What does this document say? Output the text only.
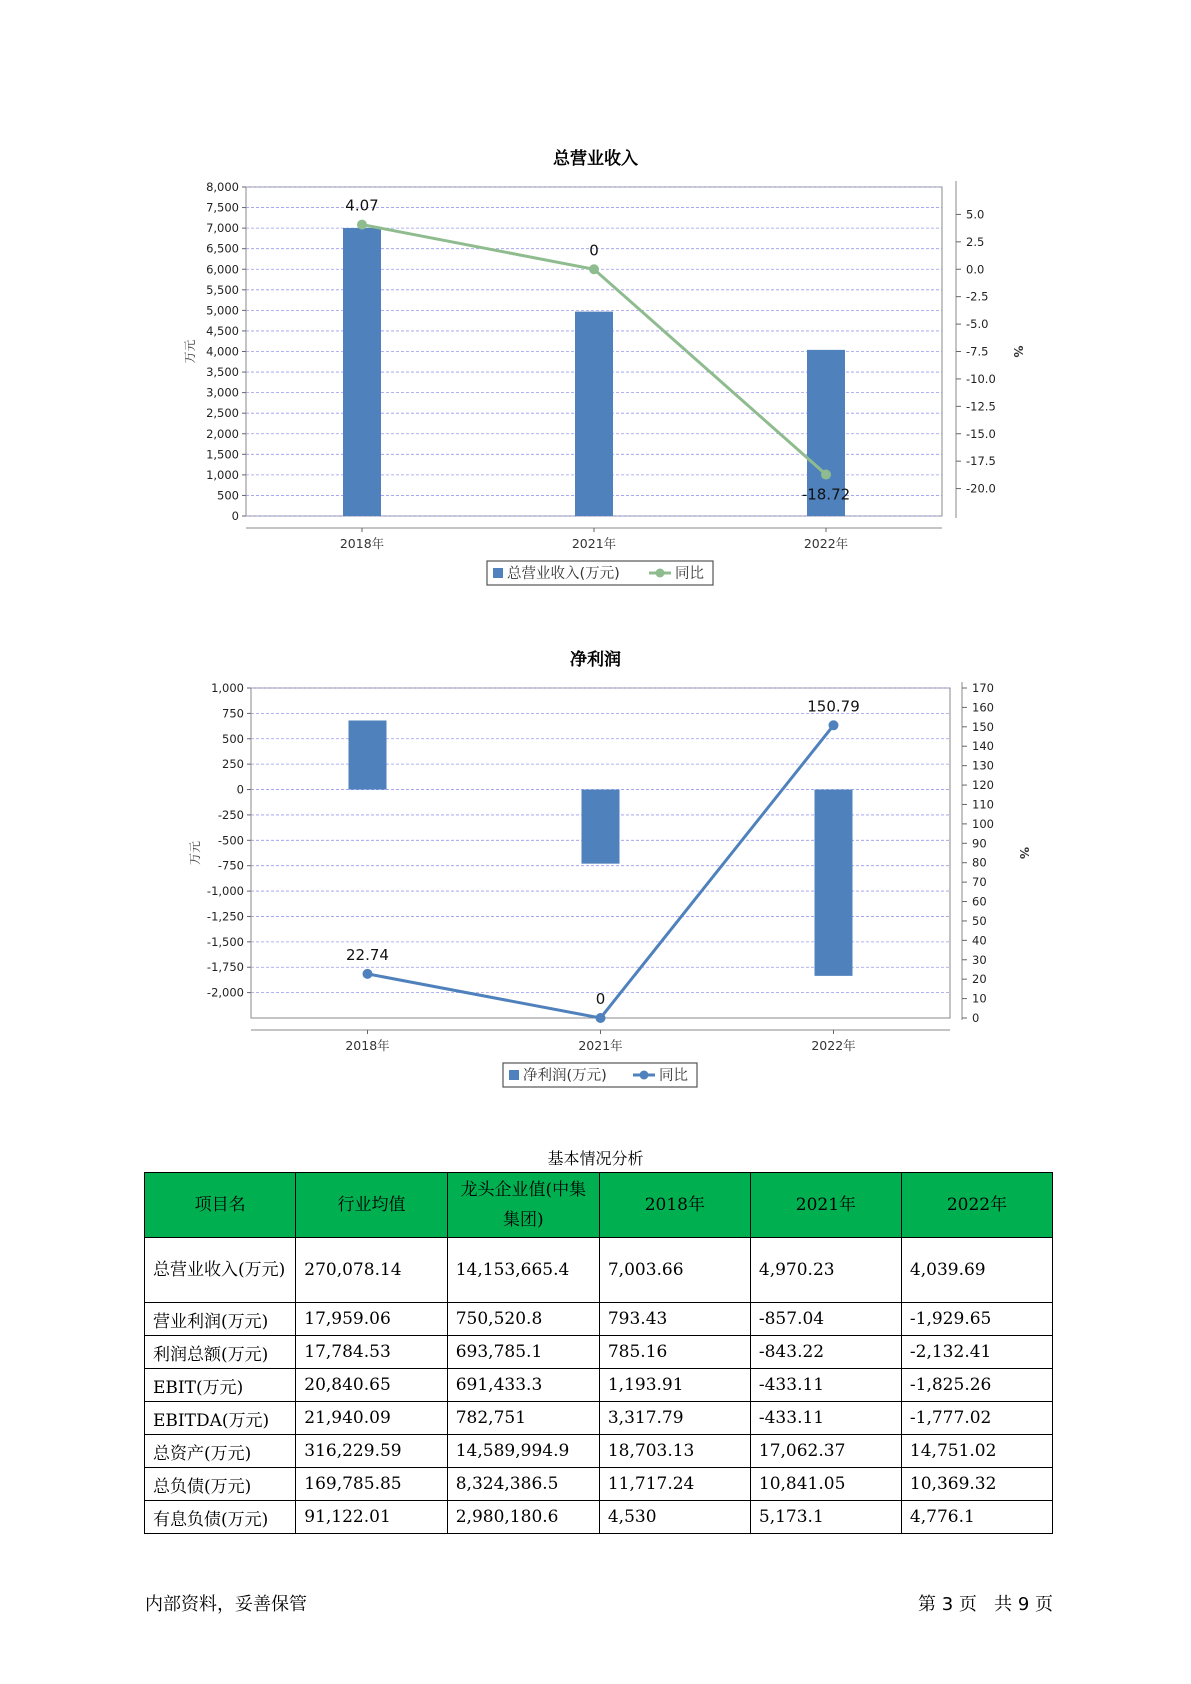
总营业收入
0
500
1,000
1,500
2,000
2,500
3,000
3,500
4,000
4,500
5,000
5,500
6,000
6,500
7,000
7,500
8,000
5.0
2.5
0.0
-2.5
-5.0
-7.5
-10.0
-12.5
-15.0
-17.5
-20.0
万元	%
2018年	2021年	2022年
4.07
0
-18.72
总营业收入(万元)	同比
净利润
1,000
750
500
250
0
-250
-500
-750
-1,000
-1,250
-1,500
-1,750
-2,000
170
160
150
140
130
120
110
100
90
80
70
60
50
40
30
20
10
0
万元	%
2018年	2021年	2022年
22.74
0
150.79
净利润(万元)	同比
基本情况分析
项目名	行业均值	龙头企业值(中集集团)	2018年	2021年	2022年
总营业收入(万元)	270,078.14	14,153,665.4	7,003.66	4,970.23	4,039.69
营业利润(万元)	17,959.06	750,520.8	793.43	-857.04	-1,929.65
利润总额(万元)	17,784.53	693,785.1	785.16	-843.22	-2,132.41
EBIT(万元)	20,840.65	691,433.3	1,193.91	-433.11	-1,825.26
EBITDA(万元)	21,940.09	782,751	3,317.79	-433.11	-1,777.02
总资产(万元)	316,229.59	14,589,994.9	18,703.13	17,062.37	14,751.02
总负债(万元)	169,785.85	8,324,386.5	11,717.24	10,841.05	10,369.32
有息负债(万元)	91,122.01	2,980,180.6	4,530	5,173.1	4,776.1
内部资料，妥善保管	第 3 页   共 9 页
